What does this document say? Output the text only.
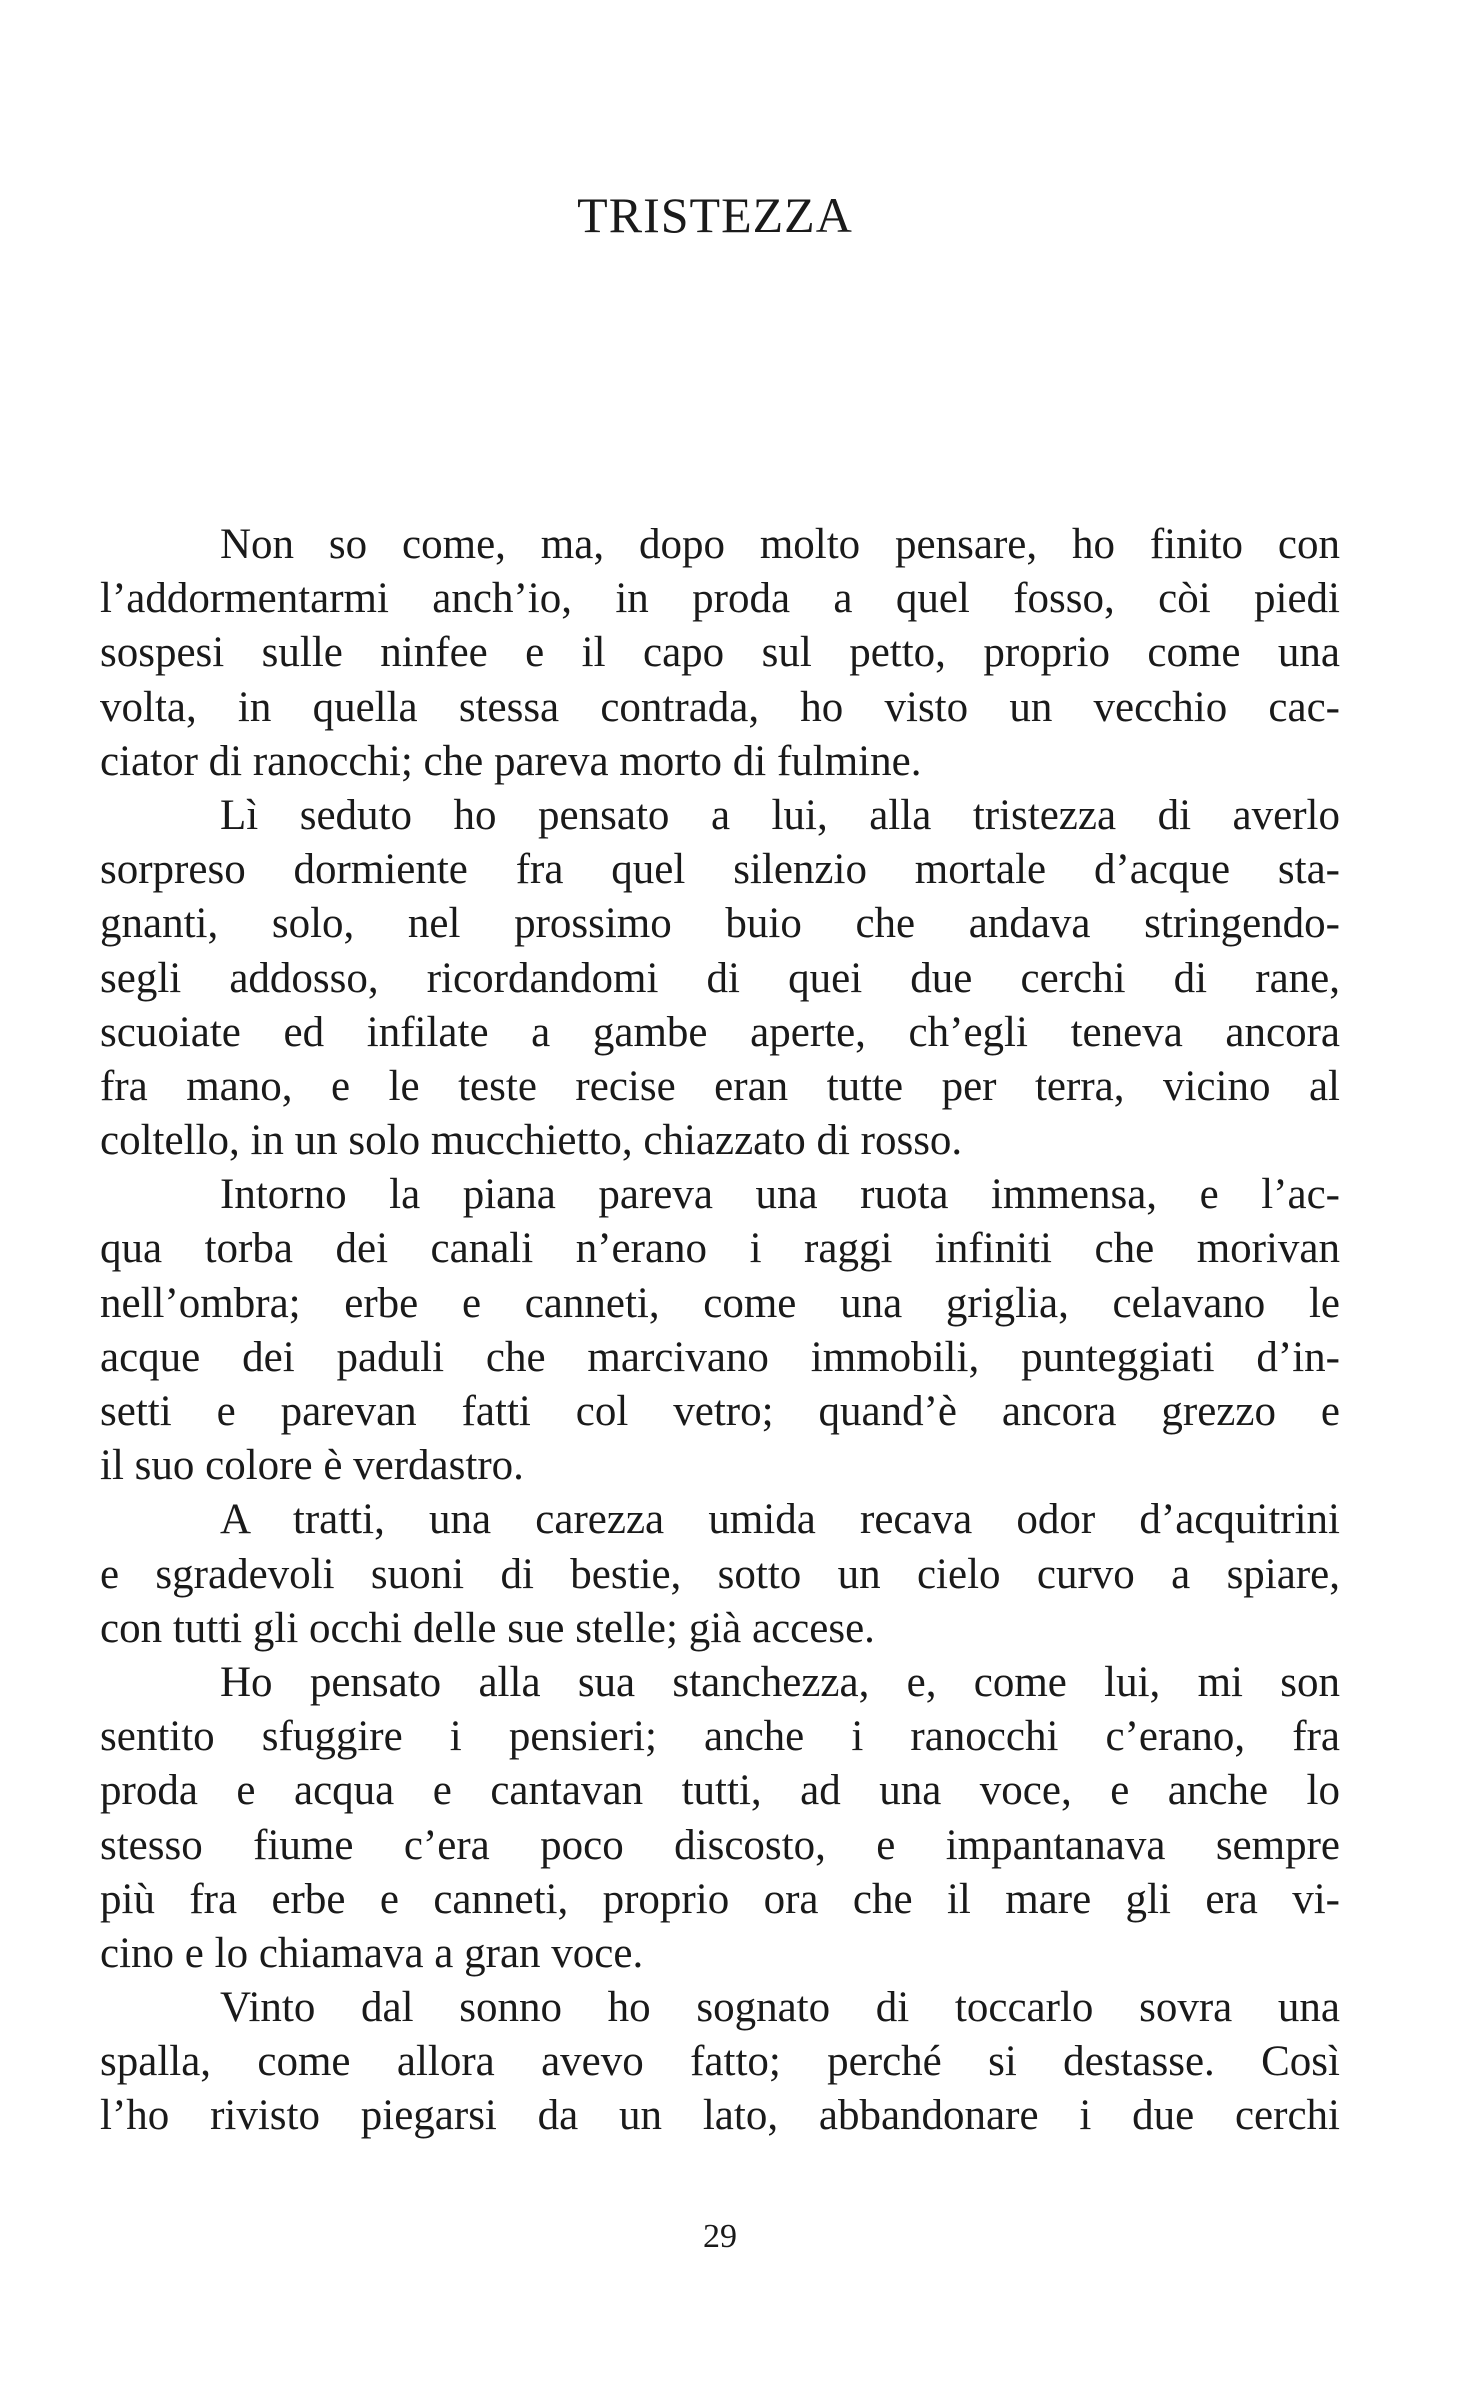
TRISTEZZA
Non so come, ma, dopo molto pensare, ho finito con
l’addormentarmi anch’io, in proda a quel fosso, còi piedi
sospesi sulle ninfee e il capo sul petto, proprio come una
volta, in quella stessa contrada, ho visto un vecchio cac-
ciator di ranocchi; che pareva morto di fulmine.
Lì seduto ho pensato a lui, alla tristezza di averlo
sorpreso dormiente fra quel silenzio mortale d’acque sta-
gnanti, solo, nel prossimo buio che andava stringendo-
segli addosso, ricordandomi di quei due cerchi di rane,
scuoiate ed infilate a gambe aperte, ch’egli teneva ancora
fra mano, e le teste recise eran tutte per terra, vicino al
coltello, in un solo mucchietto, chiazzato di rosso.
Intorno la piana pareva una ruota immensa, e l’ac-
qua torba dei canali n’erano i raggi infiniti che morivan
nell’ombra; erbe e canneti, come una griglia, celavano le
acque dei paduli che marcivano immobili, punteggiati d’in-
setti e parevan fatti col vetro; quand’è ancora grezzo e
il suo colore è verdastro.
A tratti, una carezza umida recava odor d’acquitrini
e sgradevoli suoni di bestie, sotto un cielo curvo a spiare,
con tutti gli occhi delle sue stelle; già accese.
Ho pensato alla sua stanchezza, e, come lui, mi son
sentito sfuggire i pensieri; anche i ranocchi c’erano, fra
proda e acqua e cantavan tutti, ad una voce, e anche lo
stesso fiume c’era poco discosto, e impantanava sempre
più fra erbe e canneti, proprio ora che il mare gli era vi-
cino e lo chiamava a gran voce.
Vinto dal sonno ho sognato di toccarlo sovra una
spalla, come allora avevo fatto; perché si destasse. Così
l’ho rivisto piegarsi da un lato, abbandonare i due cerchi
29
